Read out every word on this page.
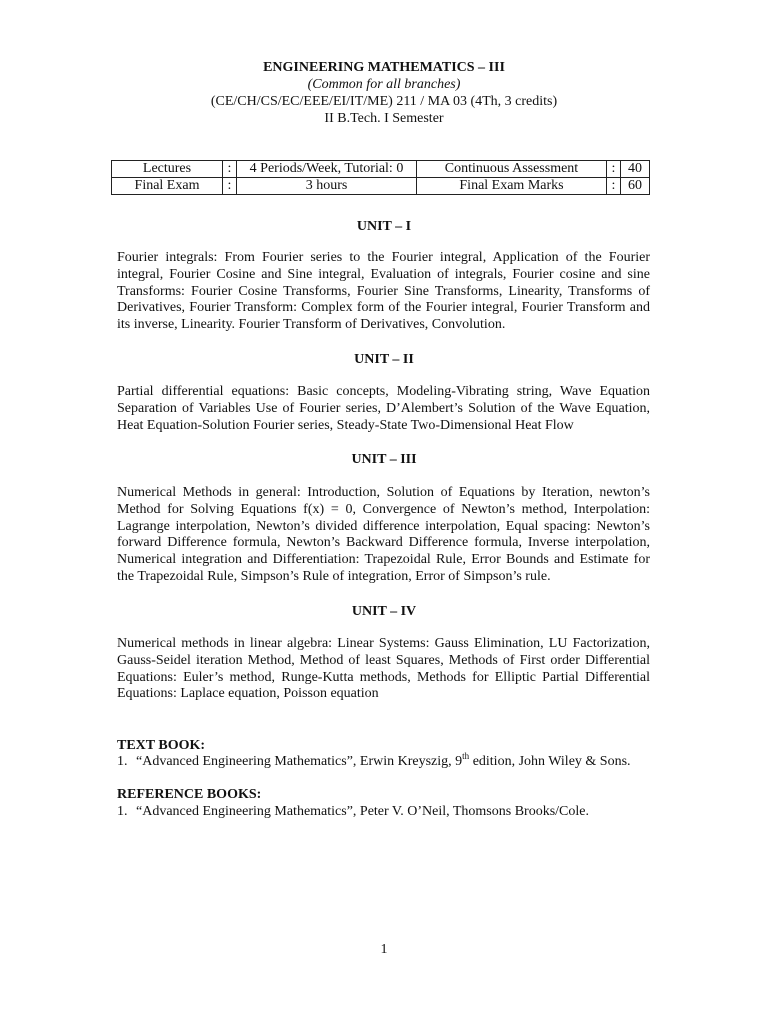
ENGINEERING MATHEMATICS – III
(Common for all branches)
(CE/CH/CS/EC/EEE/EI/IT/ME) 211 / MA 03 (4Th, 3 credits)
II B.Tech. I Semester
Lectures	:	4 Periods/Week, Tutorial: 0	Continuous Assessment	:	40
Final Exam	:	3 hours	Final Exam Marks	:	60
UNIT – I
Fourier integrals: From Fourier series to the Fourier integral, Application of the Fourier integral, Fourier Cosine and Sine integral, Evaluation of integrals, Fourier cosine and sine Transforms: Fourier Cosine Transforms, Fourier Sine Transforms, Linearity, Transforms of Derivatives, Fourier Transform: Complex form of the Fourier integral, Fourier Transform and its inverse, Linearity. Fourier Transform of Derivatives, Convolution.
UNIT – II
Partial differential equations: Basic concepts, Modeling-Vibrating string, Wave Equation Separation of Variables Use of Fourier series, D’Alembert’s Solution of the Wave Equation, Heat Equation-Solution Fourier series, Steady-State Two-Dimensional Heat Flow
UNIT – III
Numerical Methods in general: Introduction, Solution of Equations by Iteration, newton’s Method for Solving Equations f(x) = 0, Convergence of Newton’s method, Interpolation: Lagrange interpolation, Newton’s divided difference interpolation, Equal spacing: Newton’s forward Difference formula, Newton’s Backward Difference formula, Inverse interpolation, Numerical integration and Differentiation: Trapezoidal Rule, Error Bounds and Estimate for the Trapezoidal Rule, Simpson’s Rule of integration, Error of Simpson’s rule.
UNIT – IV
Numerical methods in linear algebra: Linear Systems: Gauss Elimination, LU Factorization, Gauss-Seidel iteration Method, Method of least Squares, Methods of First order Differential Equations: Euler’s method, Runge-Kutta methods, Methods for Elliptic Partial Differential Equations: Laplace equation, Poisson equation
TEXT BOOK:
1. “Advanced Engineering Mathematics”, Erwin Kreyszig, 9th edition, John Wiley & Sons.
REFERENCE BOOKS:
1. “Advanced Engineering Mathematics”, Peter V. O’Neil, Thomsons Brooks/Cole.
1
